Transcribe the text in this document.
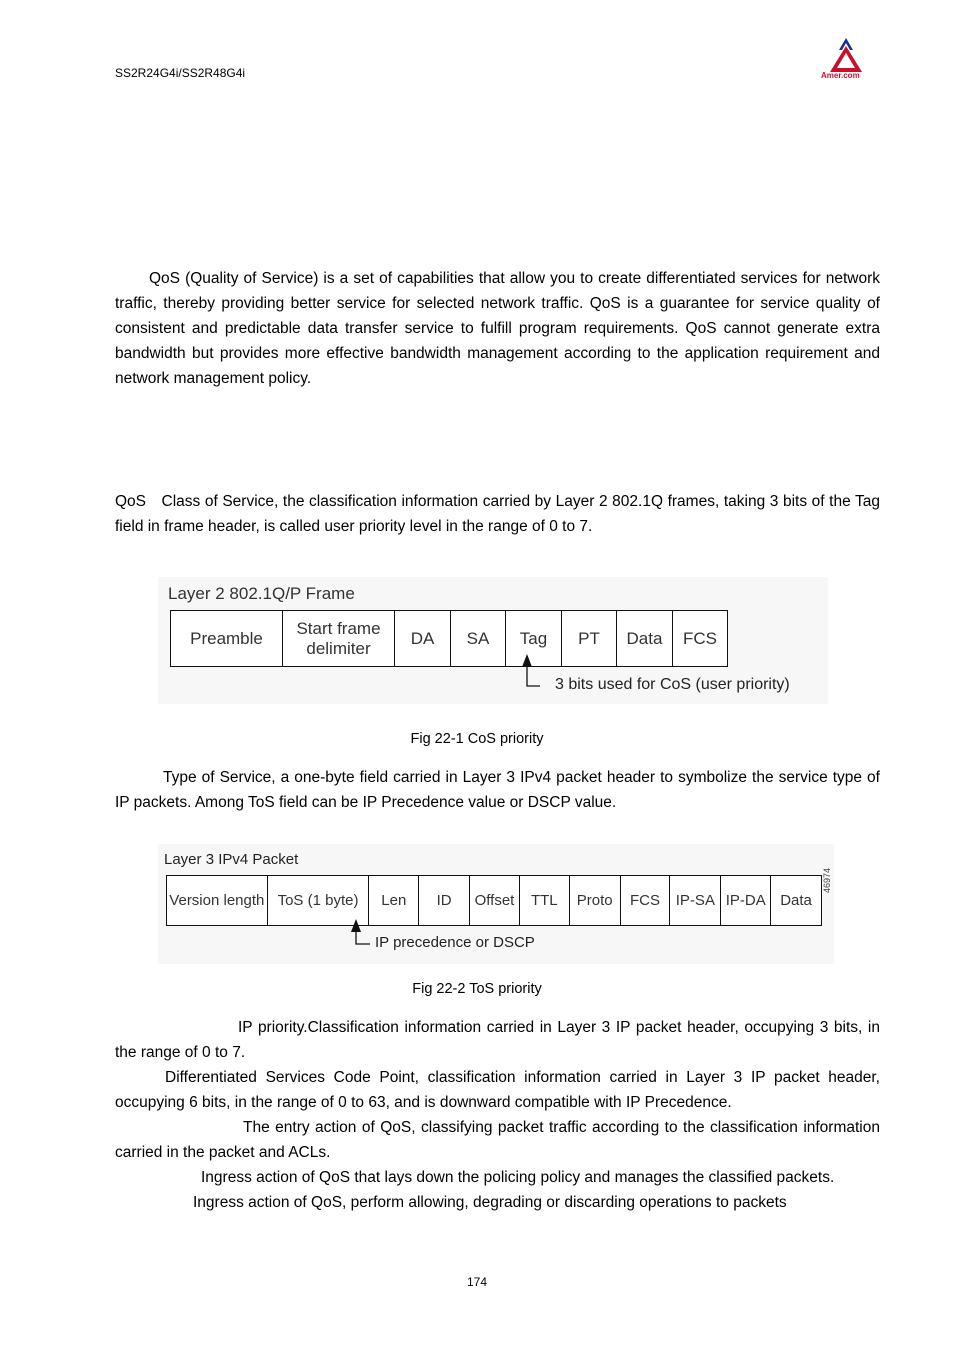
SS2R24G4i/SS2R48G4i	Amer.com

QoS (Quality of Service) is a set of capabilities that allow you to create differentiated services for network traffic, thereby providing better service for selected network traffic. QoS is a guarantee for service quality of consistent and predictable data transfer service to fulfill program requirements. QoS cannot generate extra bandwidth but provides more effective bandwidth management according to the application requirement and network management policy.

QoS Class of Service, the classification information carried by Layer 2 802.1Q frames, taking 3 bits of the Tag field in frame header, is called user priority level in the range of 0 to 7.

Layer 2 802.1Q/P Frame
Preamble
Start frame delimiter
DA	SA	Tag	PT	Data	FCS
3 bits used for CoS (user priority)
Fig 22-1 CoS priority

Type of Service, a one-byte field carried in Layer 3 IPv4 packet header to symbolize the service type of IP packets. Among ToS field can be IP Precedence value or DSCP value.

Layer 3 IPv4 Packet
Version length ToS (1 byte)	Len	ID	Offset	TTL	Proto	FCS	IP-SA IP-DA Data
IP precedence or DSCP
46974
Fig 22-2 ToS priority

IP priority.Classification information carried in Layer 3 IP packet header, occupying 3 bits, in the range of 0 to 7.

Differentiated Services Code Point, classification information carried in Layer 3 IP packet header, occupying 6 bits, in the range of 0 to 63, and is downward compatible with IP Precedence.

The entry action of QoS, classifying packet traffic according to the classification information carried in the packet and ACLs.

Ingress action of QoS that lays down the policing policy and manages the classified packets.

Ingress action of QoS, perform allowing, degrading or discarding operations to packets

174
